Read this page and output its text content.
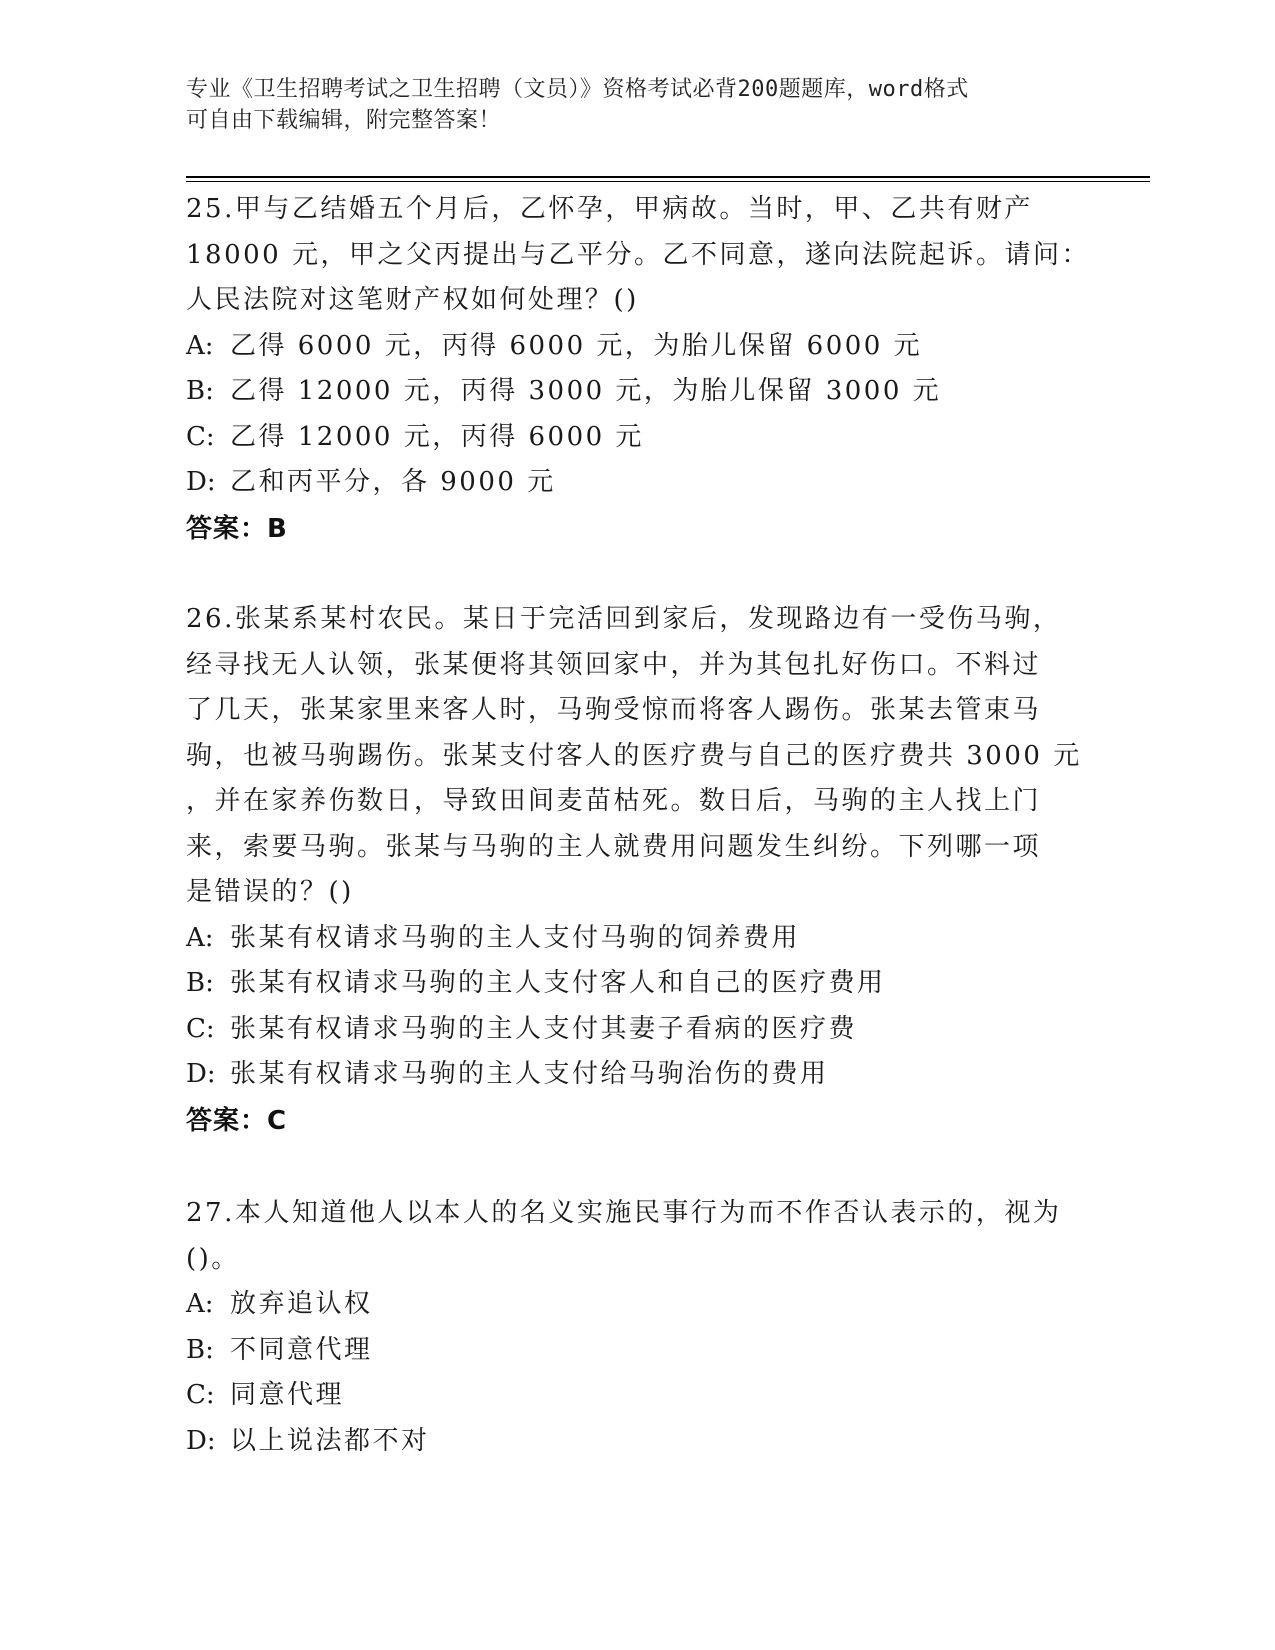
专业《卫生招聘考试之卫生招聘（文员）》资格考试必背200题题库，word格式
可自由下载编辑，附完整答案！
25.甲与乙结婚五个月后，乙怀孕，甲病故。当时，甲、乙共有财产
18000 元，甲之父丙提出与乙平分。乙不同意，遂向法院起诉。请问：
人民法院对这笔财产权如何处理？()
A: 乙得 6000 元，丙得 6000 元，为胎儿保留 6000 元
B: 乙得 12000 元，丙得 3000 元，为胎儿保留 3000 元
C: 乙得 12000 元，丙得 6000 元
D: 乙和丙平分，各 9000 元
答案：B
26.张某系某村农民。某日于完活回到家后，发现路边有一受伤马驹，
经寻找无人认领，张某便将其领回家中，并为其包扎好伤口。不料过
了几天，张某家里来客人时，马驹受惊而将客人踢伤。张某去管束马
驹，也被马驹踢伤。张某支付客人的医疗费与自己的医疗费共 3000 元
，并在家养伤数日，导致田间麦苗枯死。数日后，马驹的主人找上门
来，索要马驹。张某与马驹的主人就费用问题发生纠纷。下列哪一项
是错误的？()
A: 张某有权请求马驹的主人支付马驹的饲养费用
B: 张某有权请求马驹的主人支付客人和自己的医疗费用
C: 张某有权请求马驹的主人支付其妻子看病的医疗费
D: 张某有权请求马驹的主人支付给马驹治伤的费用
答案：C
27.本人知道他人以本人的名义实施民事行为而不作否认表示的，视为
()。
A: 放弃追认权
B: 不同意代理
C: 同意代理
D: 以上说法都不对
